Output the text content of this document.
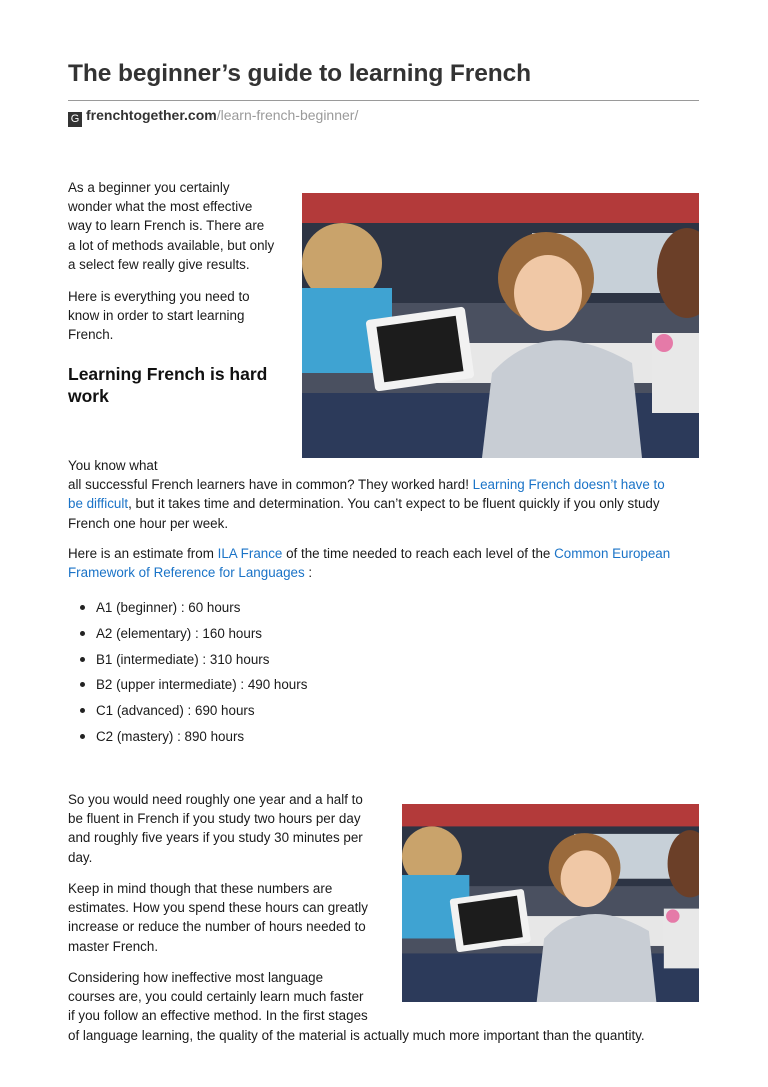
The beginner’s guide to learning French
G frenchtogether.com/learn-french-beginner/
As a beginner you certainly
wonder what the most effective
way to learn French is. There are
a lot of methods available, but only
a select few really give results.
Here is everything you need to
know in order to start learning
French.
Learning French is hard
work
You know what
all successful French learners have in common? They worked hard! Learning French doesn’t have to
be difficult, but it takes time and determination. You can’t expect to be fluent quickly if you only study
French one hour per week.
Here is an estimate from ILA France of the time needed to reach each level of the Common European
Framework of Reference for Languages :
A1 (beginner) : 60 hours
A2 (elementary) : 160 hours
B1 (intermediate) : 310 hours
B2 (upper intermediate) : 490 hours
C1 (advanced) : 690 hours
C2 (mastery) : 890 hours
So you would need roughly one year and a half to
be fluent in French if you study two hours per day
and roughly five years if you study 30 minutes per
day.
Keep in mind though that these numbers are
estimates. How you spend these hours can greatly
increase or reduce the number of hours needed to
master French.
Considering how ineffective most language
courses are, you could certainly learn much faster
if you follow an effective method. In the first stages
of language learning, the quality of the material is actually much more important than the quantity.
